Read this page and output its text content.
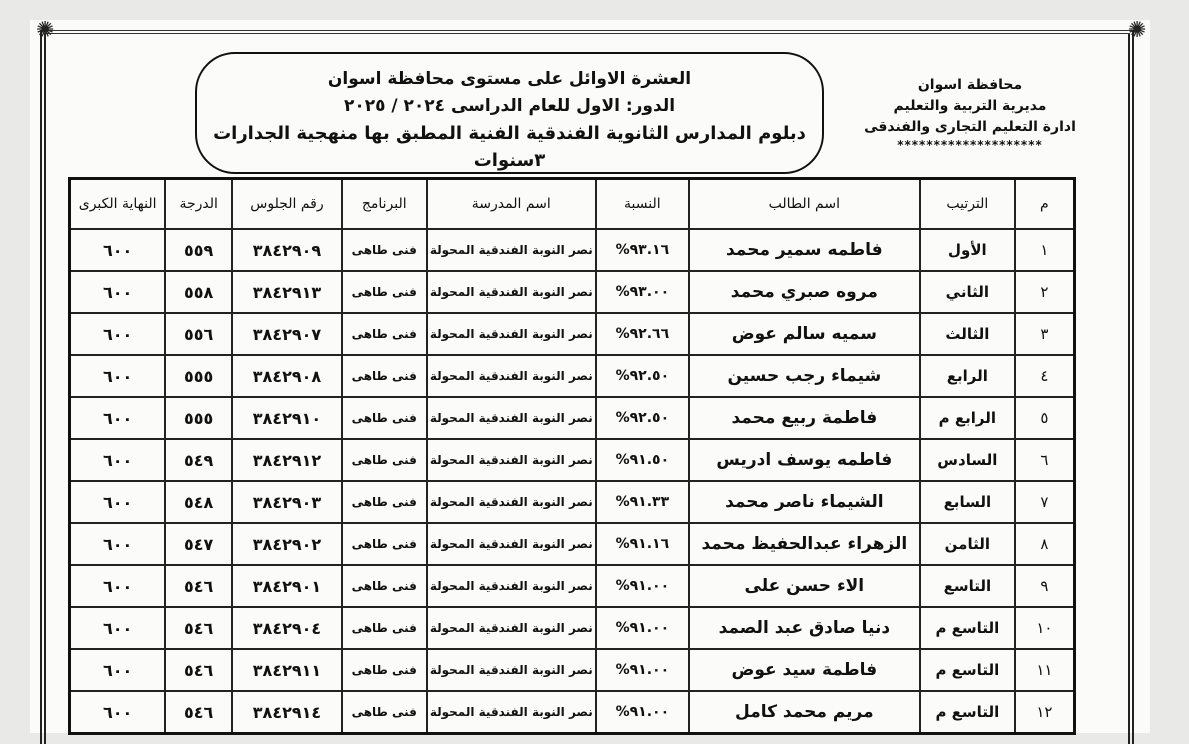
✺	✺
العشرة الاوائل على مستوى محافظة اسوان
الدور: الاول للعام الدراسى ٢٠٢٤ / ٢٠٢٥
دبلوم المدارس الثانوية الفندقية الفنية المطبق بها منهجية الجدارات ٣سنوات
محافظة اسوان
مديرية التربية والتعليم
ادارة التعليم التجارى والفندقى
********************
م	الترتيب	اسم الطالب	النسبة	اسم المدرسة	البرنامج	رقم الجلوس	الدرجة	النهاية الكبرى
١	الأول	فاطمه سمير محمد	%٩٣.١٦	نصر النوبة الفندقية المحولة	فنى طاهى	٣٨٤٢٩٠٩	٥٥٩	٦٠٠
٢	الثاني	مروه صبري محمد	%٩٣.٠٠	نصر النوبة الفندقية المحولة	فنى طاهى	٣٨٤٢٩١٣	٥٥٨	٦٠٠
٣	الثالث	سميه سالم عوض	%٩٢.٦٦	نصر النوبة الفندقية المحولة	فنى طاهى	٣٨٤٢٩٠٧	٥٥٦	٦٠٠
٤	الرابع	شيماء رجب حسين	%٩٢.٥٠	نصر النوبة الفندقية المحولة	فنى طاهى	٣٨٤٢٩٠٨	٥٥٥	٦٠٠
٥	الرابع م	فاطمة ربيع محمد	%٩٢.٥٠	نصر النوبة الفندقية المحولة	فنى طاهى	٣٨٤٢٩١٠	٥٥٥	٦٠٠
٦	السادس	فاطمه يوسف ادريس	%٩١.٥٠	نصر النوبة الفندقية المحولة	فنى طاهى	٣٨٤٢٩١٢	٥٤٩	٦٠٠
٧	السابع	الشيماء ناصر محمد	%٩١.٣٣	نصر النوبة الفندقية المحولة	فنى طاهى	٣٨٤٢٩٠٣	٥٤٨	٦٠٠
٨	الثامن	الزهراء عبدالحفيظ محمد	%٩١.١٦	نصر النوبة الفندقية المحولة	فنى طاهى	٣٨٤٢٩٠٢	٥٤٧	٦٠٠
٩	التاسع	الاء حسن على	%٩١.٠٠	نصر النوبة الفندقية المحولة	فنى طاهى	٣٨٤٢٩٠١	٥٤٦	٦٠٠
١٠	التاسع م	دنيا صادق عبد الصمد	%٩١.٠٠	نصر النوبة الفندقية المحولة	فنى طاهى	٣٨٤٢٩٠٤	٥٤٦	٦٠٠
١١	التاسع م	فاطمة سيد عوض	%٩١.٠٠	نصر النوبة الفندقية المحولة	فنى طاهى	٣٨٤٢٩١١	٥٤٦	٦٠٠
١٢	التاسع م	مريم محمد كامل	%٩١.٠٠	نصر النوبة الفندقية المحولة	فنى طاهى	٣٨٤٢٩١٤	٥٤٦	٦٠٠
